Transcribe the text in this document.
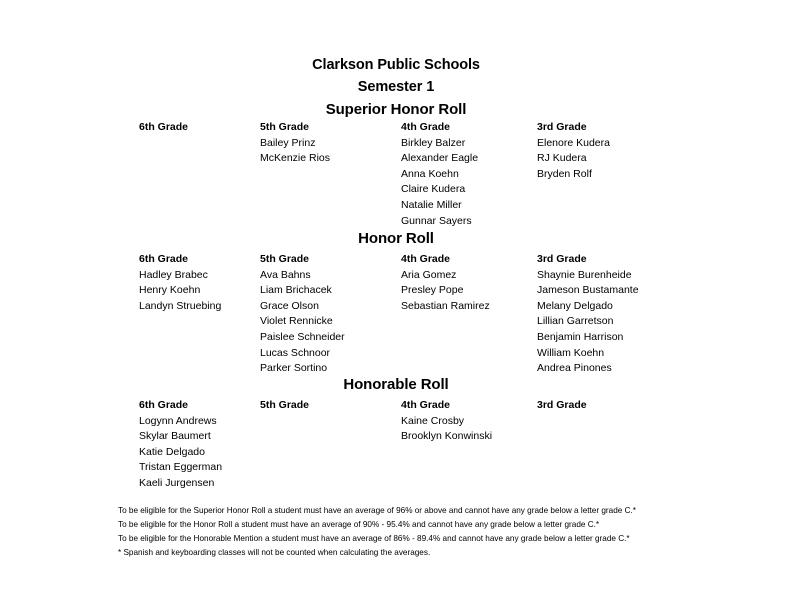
Clarkson Public Schools
Semester 1
Superior Honor Roll
6th Grade	5th Grade
Bailey Prinz
McKenzie Rios
4th Grade
Birkley Balzer
Alexander Eagle
Anna Koehn
Claire Kudera
Natalie Miller
Gunnar Sayers
3rd Grade
Elenore Kudera
RJ Kudera
Bryden Rolf
Honor Roll
6th Grade
Hadley Brabec
Henry Koehn
Landyn Struebing
5th Grade
Ava Bahns
Liam Brichacek
Grace Olson
Violet Rennicke
Paislee Schneider
Lucas Schnoor
Parker Sortino
4th Grade
Aria Gomez
Presley Pope
Sebastian Ramirez
3rd Grade
Shaynie Burenheide
Jameson Bustamante
Melany Delgado
Lillian Garretson
Benjamin Harrison
William Koehn
Andrea Pinones
Honorable Roll
6th Grade
Logynn Andrews
Skylar Baumert
Katie Delgado
Tristan Eggerman
Kaeli Jurgensen
5th Grade	4th Grade
Kaine Crosby
Brooklyn Konwinski
3rd Grade
To be eligible for the Superior Honor Roll a student must have an average of 96% or above and cannot have any grade below a letter grade C.*
To be eligible for the Honor Roll a student must have an average of 90% - 95.4% and cannot have any grade below a letter grade C.*
To be eligible for the Honorable Mention a student must have an average of 86% - 89.4% and cannot have any grade below a letter grade C.*
* Spanish and keyboarding classes will not be counted when calculating the averages.
